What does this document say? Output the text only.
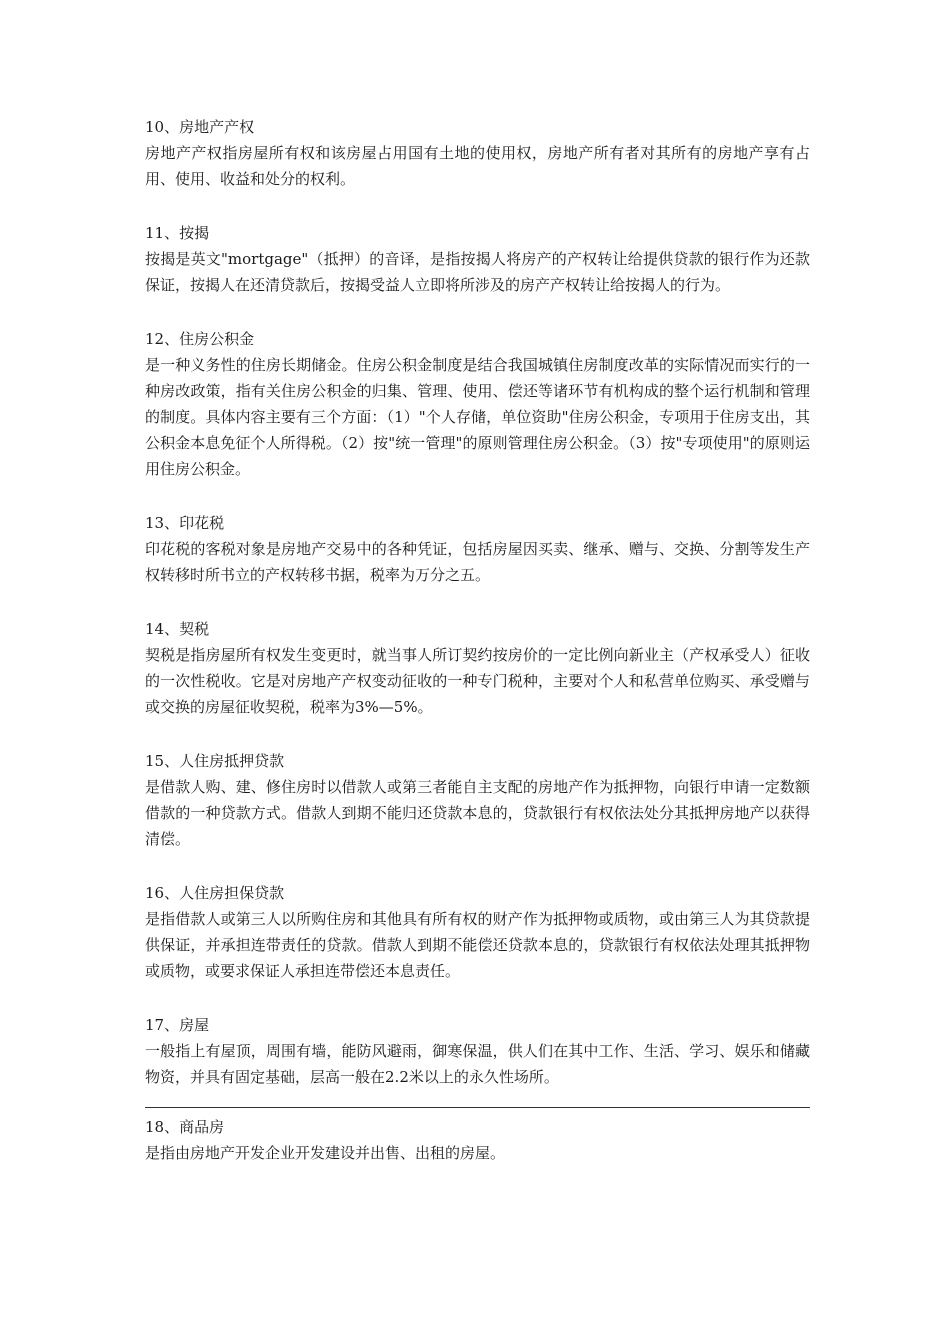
10、房地产产权
房地产产权指房屋所有权和该房屋占用国有土地的使用权，房地产所有者对其所有的房地产享有占用、使用、收益和处分的权利。
11、按揭
按揭是英文"mortgage"（抵押）的音译，是指按揭人将房产的产权转让给提供贷款的银行作为还款保证，按揭人在还清贷款后，按揭受益人立即将所涉及的房产产权转让给按揭人的行为。
12、住房公积金
是一种义务性的住房长期储金。住房公积金制度是结合我国城镇住房制度改革的实际情况而实行的一种房改政策，指有关住房公积金的归集、管理、使用、偿还等诸环节有机构成的整个运行机制和管理的制度。具体内容主要有三个方面：（1）"个人存储，单位资助"住房公积金，专项用于住房支出，其公积金本息免征个人所得税。（2）按"统一管理"的原则管理住房公积金。（3）按"专项使用"的原则运用住房公积金。
13、印花税
印花税的客税对象是房地产交易中的各种凭证，包括房屋因买卖、继承、赠与、交换、分割等发生产权转移时所书立的产权转移书据，税率为万分之五。
14、契税
契税是指房屋所有权发生变更时，就当事人所订契约按房价的一定比例向新业主（产权承受人）征收的一次性税收。它是对房地产产权变动征收的一种专门税种，主要对个人和私营单位购买、承受赠与或交换的房屋征收契税，税率为3%—5%。
15、人住房抵押贷款
是借款人购、建、修住房时以借款人或第三者能自主支配的房地产作为抵押物，向银行申请一定数额借款的一种贷款方式。借款人到期不能归还贷款本息的，贷款银行有权依法处分其抵押房地产以获得清偿。
16、人住房担保贷款
是指借款人或第三人以所购住房和其他具有所有权的财产作为抵押物或质物，或由第三人为其贷款提供保证，并承担连带责任的贷款。借款人到期不能偿还贷款本息的，贷款银行有权依法处理其抵押物或质物，或要求保证人承担连带偿还本息责任。
17、房屋
一般指上有屋顶，周围有墙，能防风避雨，御寒保温，供人们在其中工作、生活、学习、娱乐和储藏物资，并具有固定基础，层高一般在2.2米以上的永久性场所。
18、商品房
是指由房地产开发企业开发建设并出售、出租的房屋。
